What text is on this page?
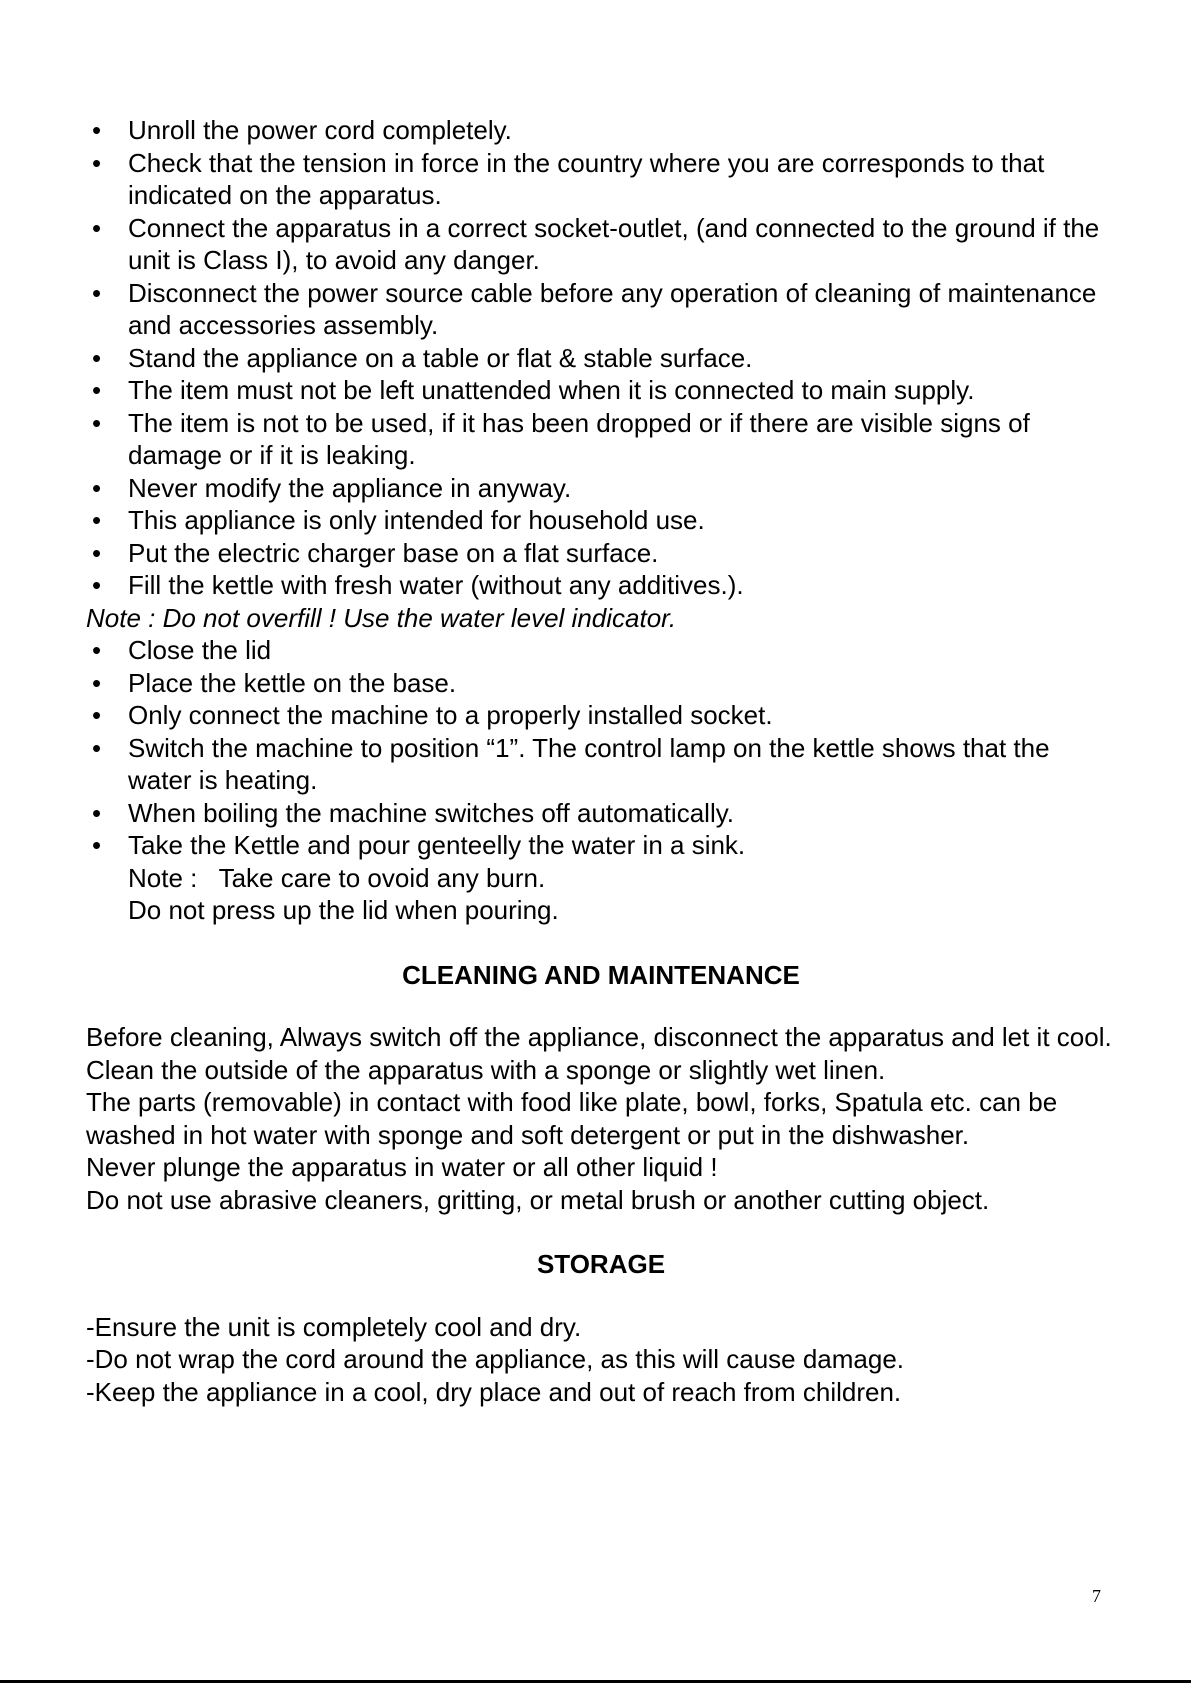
• Unroll the power cord completely.
• Check that the tension in force in the country where you are corresponds to that indicated on the apparatus.
• Connect the apparatus in a correct socket-outlet, (and connected to the ground if the unit is Class I), to avoid any danger.
• Disconnect the power source cable before any operation of cleaning of maintenance and accessories assembly.
• Stand the appliance on a table or flat & stable surface.
• The item must not be left unattended when it is connected to main supply.
• The item is not to be used, if it has been dropped or if there are visible signs of damage or if it is leaking.
• Never modify the appliance in anyway.
• This appliance is only intended for household use.
• Put the electric charger base on a flat surface.
• Fill the kettle with fresh water (without any additives.).
Note : Do not overfill ! Use the water level indicator.
• Close the lid
• Place the kettle on the base.
• Only connect the machine to a properly installed socket.
• Switch the machine to position “1”. The control lamp on the kettle shows that the water is heating.
• When boiling the machine switches off automatically.
• Take the Kettle and pour genteelly the water in a sink.
Note :   Take care to ovoid any burn.
Do not press up the lid when pouring.
CLEANING AND MAINTENANCE

Before cleaning, Always switch off the appliance, disconnect the apparatus and let it cool.

Clean the outside of the apparatus with a sponge or slightly wet linen.

The parts (removable) in contact with food like plate, bowl, forks, Spatula etc. can be washed in hot water with sponge and soft detergent or put in the dishwasher.

Never plunge the apparatus in water or all other liquid !

Do not use abrasive cleaners, gritting, or metal brush or another cutting object.

STORAGE

-Ensure the unit is completely cool and dry.

-Do not wrap the cord around the appliance, as this will cause damage.

-Keep the appliance in a cool, dry place and out of reach from children.

7
